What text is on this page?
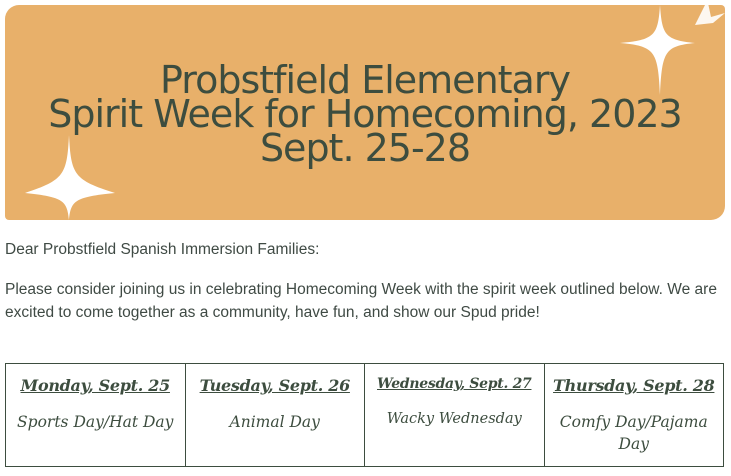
Probstfield Elementary
Spirit Week for Homecoming, 2023
Sept. 25-28

Dear Probstfield Spanish Immersion Families:

Please consider joining us in celebrating Homecoming Week with the spirit week outlined below. We are excited to come together as a community, have fun, and show our Spud pride!

Monday, Sept. 25
Sports Day/Hat Day
Tuesday, Sept. 26
Animal Day
Wednesday, Sept. 27
Wacky Wednesday
Thursday, Sept. 28
Comfy Day/Pajama Day
